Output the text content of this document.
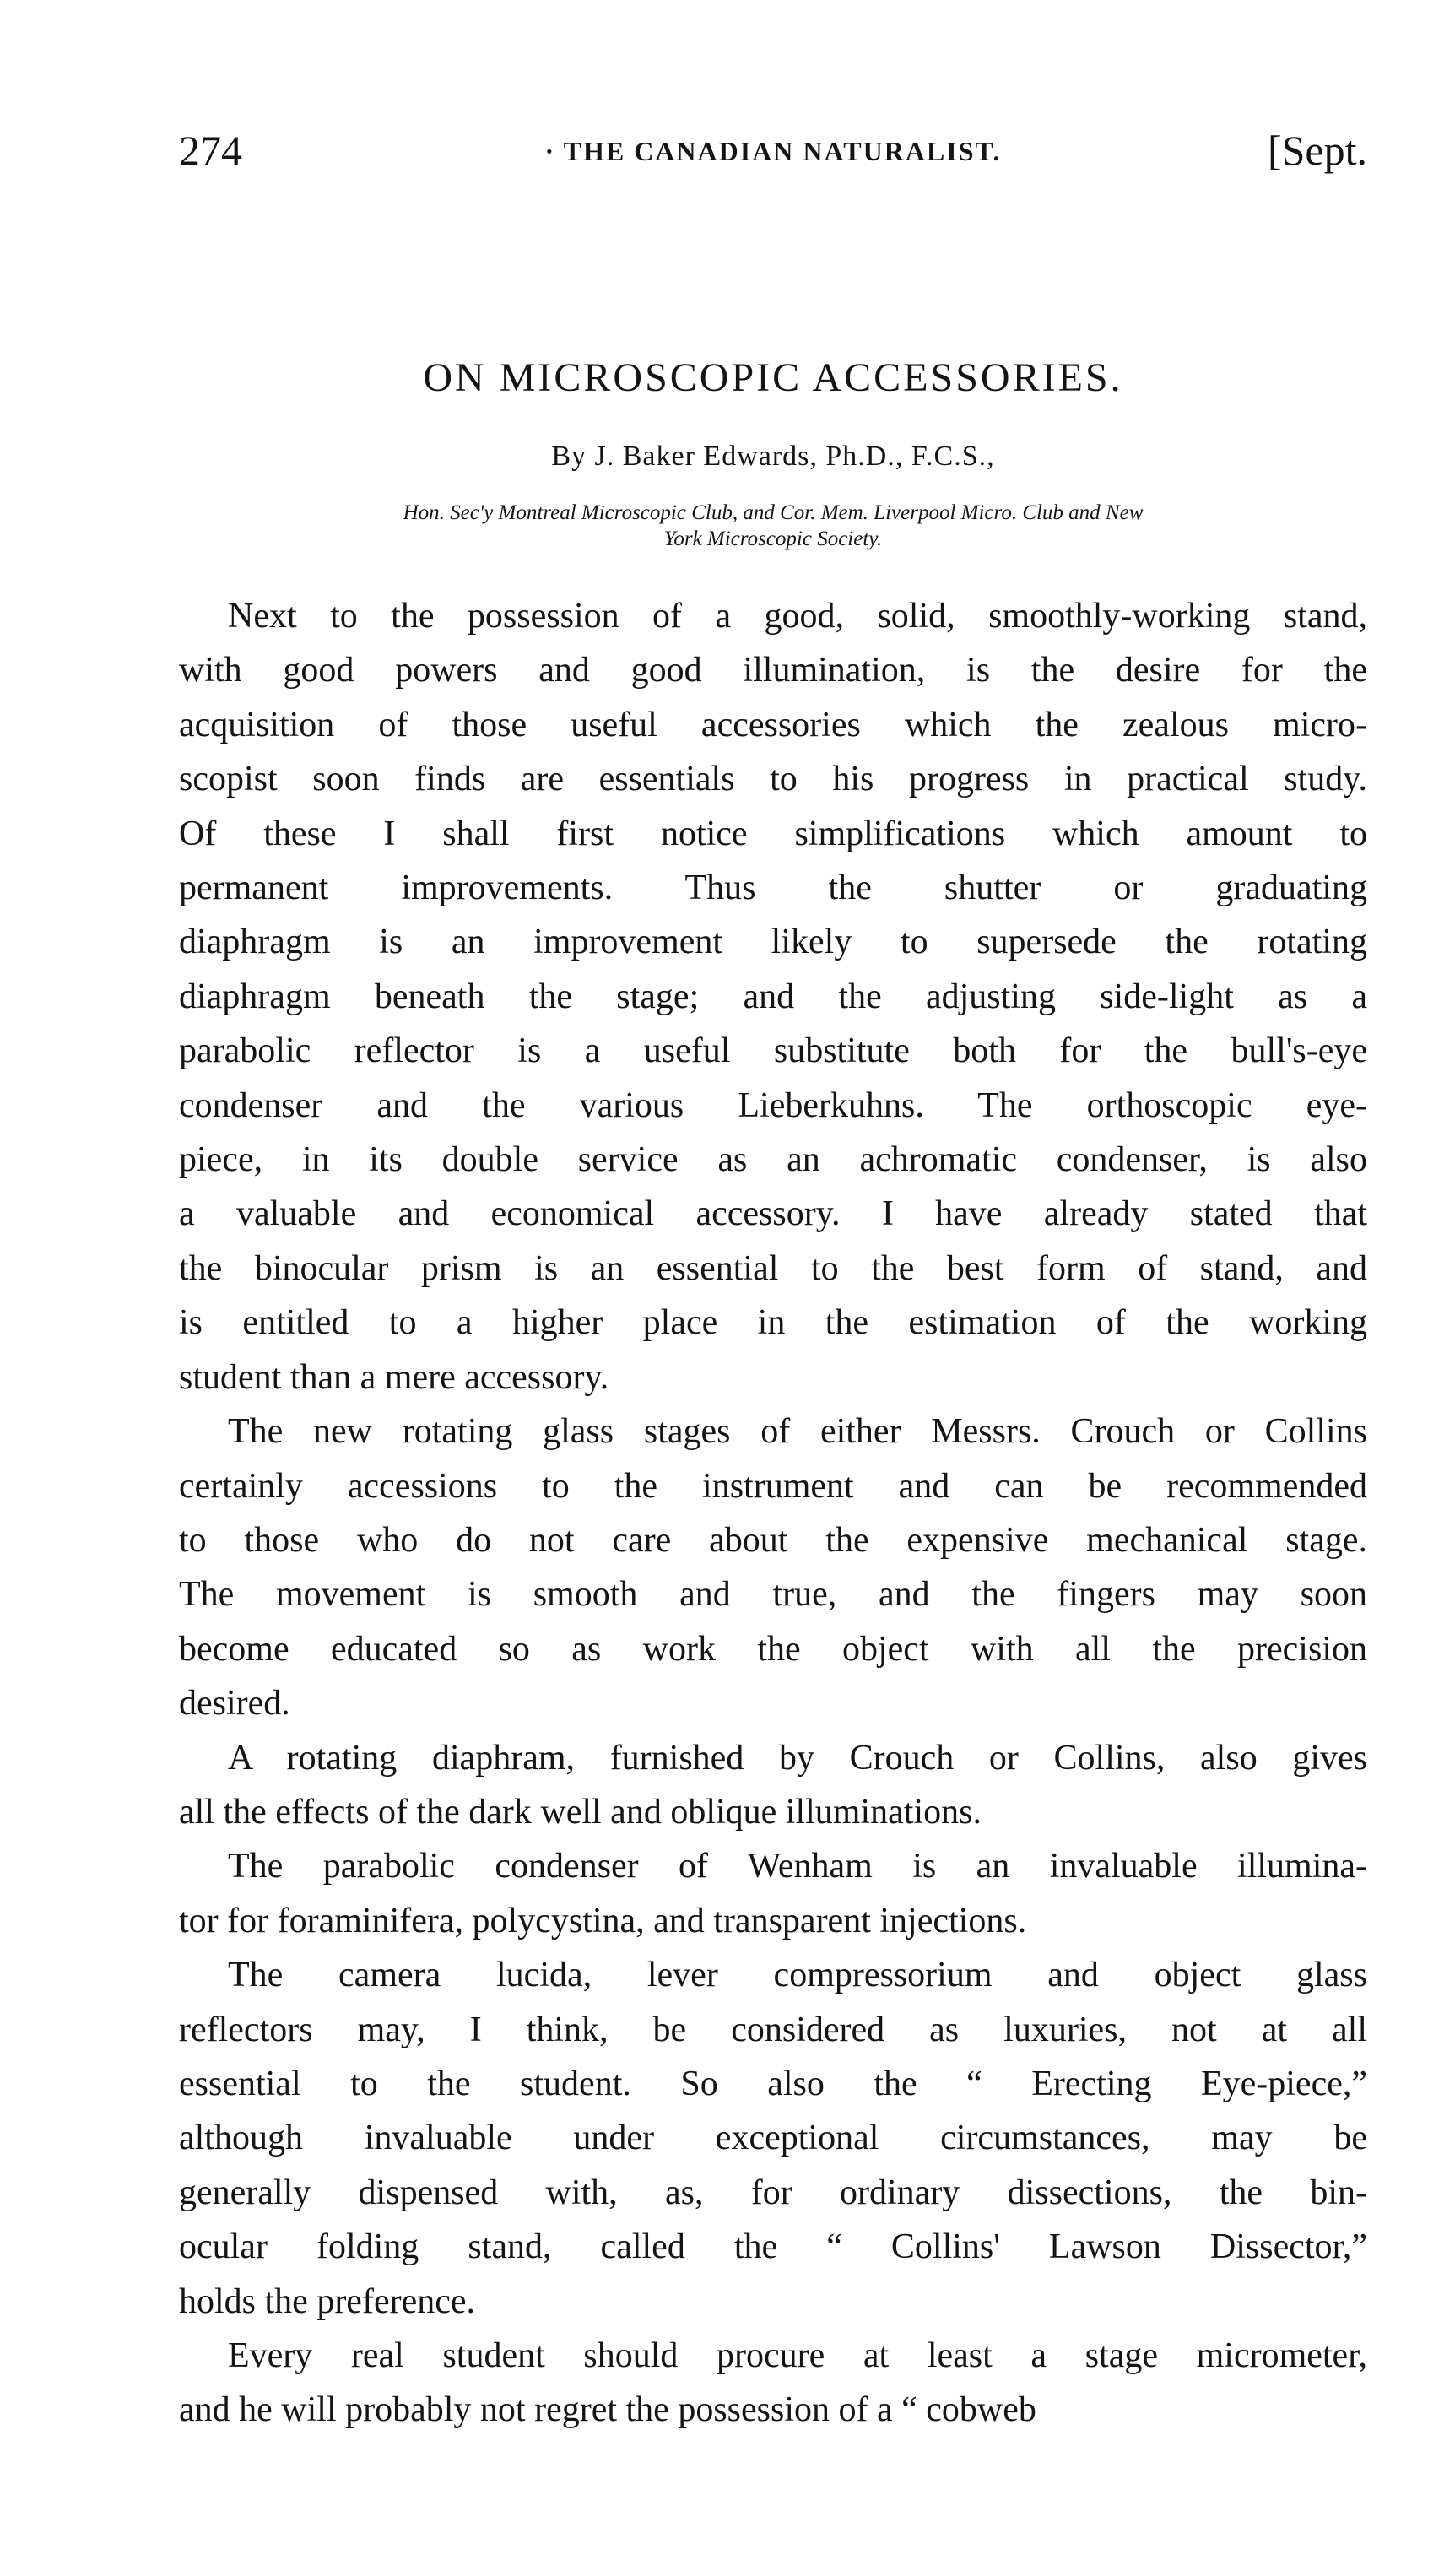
274	· THE CANADIAN NATURALIST.	[Sept.
ON MICROSCOPIC ACCESSORIES.
By J. Baker Edwards, Ph.D., F.C.S.,
Hon. Sec'y Montreal Microscopic Club, and Cor. Mem. Liverpool Micro. Club and New
York Microscopic Society.

Next to the possession of a good, solid, smoothly-working stand,
with good powers and good illumination, is the desire for the
acquisition of those useful accessories which the zealous micro-
scopist soon finds are essentials to his progress in practical study.
Of these I shall first notice simplifications which amount to
permanent improvements. Thus the shutter or graduating
diaphragm is an improvement likely to supersede the rotating
diaphragm beneath the stage; and the adjusting side-light as a
parabolic reflector is a useful substitute both for the bull's-eye
condenser and the various Lieberkuhns. The orthoscopic eye-
piece, in its double service as an achromatic condenser, is also
a valuable and economical accessory. I have already stated that
the binocular prism is an essential to the best form of stand, and
is entitled to a higher place in the estimation of the working
student than a mere accessory.

The new rotating glass stages of either Messrs. Crouch or Collins
certainly accessions to the instrument and can be recommended
to those who do not care about the expensive mechanical stage.
The movement is smooth and true, and the fingers may soon
become educated so as work the object with all the precision
desired.

A rotating diaphram, furnished by Crouch or Collins, also gives
all the effects of the dark well and oblique illuminations.

The parabolic condenser of Wenham is an invaluable illumina-
tor for foraminifera, polycystina, and transparent injections.

The camera lucida, lever compressorium and object glass
reflectors may, I think, be considered as luxuries, not at all
essential to the student. So also the “ Erecting Eye-piece,”
although invaluable under exceptional circumstances, may be
generally dispensed with, as, for ordinary dissections, the bin-
ocular folding stand, called the “ Collins' Lawson Dissector,”
holds the preference.

Every real student should procure at least a stage micrometer,
and he will probably not regret the possession of a “ cobweb
